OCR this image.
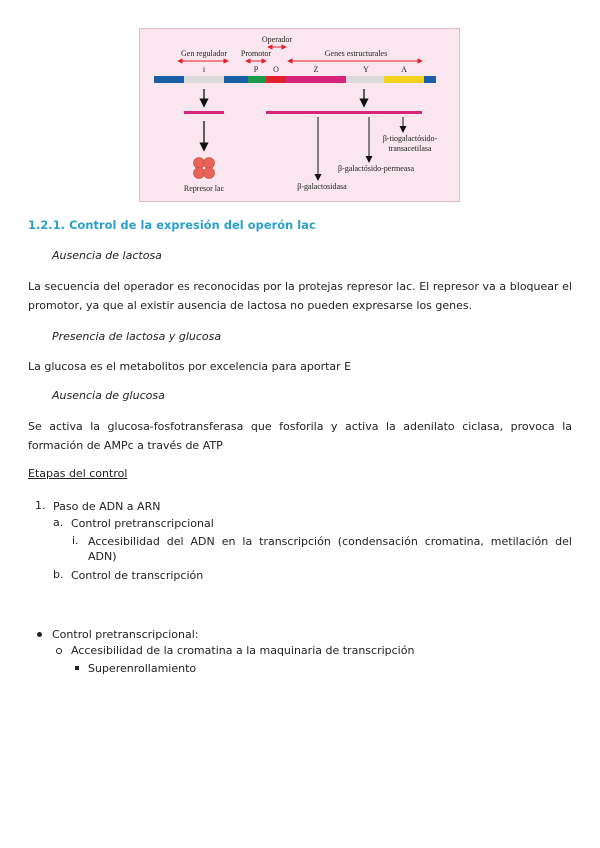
Operador
Gen regulador Promotor	Genes estructurales
i	P O	Z	Y	A
Represor lac	β-galactosidasa
β-galactósido-permeasa
β-tiogalactósido-
transacetilasa
1.2.1. Control de la expresión del operón lac
Ausencia de lactosa
La secuencia del operador es reconocidas por la protejas represor lac. El represor va a bloquear el promotor, ya que al existir ausencia de lactosa no pueden expresarse los genes.
Presencia de lactosa y glucosa
La glucosa es el metabolitos por excelencia para aportar E
Ausencia de glucosa
Se activa la glucosa-fosfotransferasa que fosforila y activa la adenilato ciclasa, provoca la formación de AMPc a través de ATP
Etapas del control
1. Paso de ADN a ARN
a. Control pretranscripcional
i. Accesibilidad del ADN en la transcripción (condensación cromatina, metilación del ADN)
b. Control de transcripción
Control pretranscripcional:
Accesibilidad de la cromatina a la maquinaria de transcripción
Superenrollamiento
